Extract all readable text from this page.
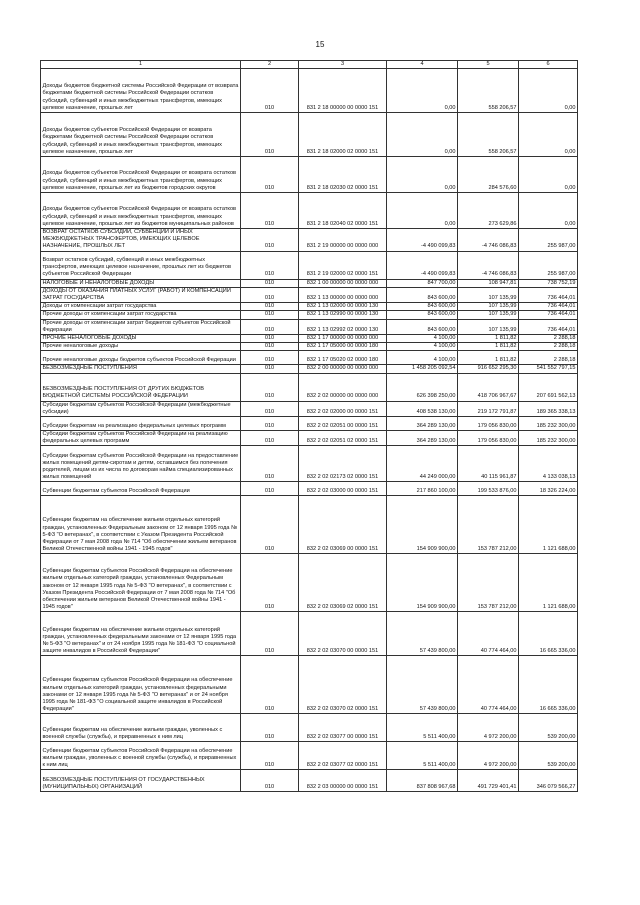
15
1	2	3	4	5	6
Доходы бюджетов бюджетной системы Российской Федерации от возврата бюджетами бюджетной системы Российской Федерации остатков субсидий, субвенций и иных межбюджетных трансфертов, имеющих целевое назначение, прошлых лет	010	831 2 18 00000 00 0000 151	0,00	558 206,57	0,00
Доходы бюджетов субъектов Российской Федерации от возврата бюджетами бюджетной системы Российской Федерации остатков субсидий, субвенций и иных межбюджетных трансфертов, имеющих целевое назначение, прошлых лет	010	831 2 18 02000 02 0000 151	0,00	558 206,57	0,00
Доходы бюджетов субъектов Российской Федерации от возврата остатков субсидий, субвенций и иных межбюджетных трансфертов, имеющих целевое назначение, прошлых лет из бюджетов городских округов	010	831 2 18 02030 02 0000 151	0,00	284 576,60	0,00
Доходы бюджетов субъектов Российской Федерации от возврата остатков субсидий, субвенций и иных межбюджетных трансфертов, имеющих целевое назначение, прошлых лет из бюджетов муниципальных районов	010	831 2 18 02040 02 0000 151	0,00	273 629,86	0,00
ВОЗВРАТ ОСТАТКОВ СУБСИДИЙ, СУБВЕНЦИЙ И ИНЫХ МЕЖБЮДЖЕТНЫХ ТРАНСФЕРТОВ, ИМЕЮЩИХ ЦЕЛЕВОЕ НАЗНАЧЕНИЕ, ПРОШЛЫХ ЛЕТ	010	831 2 19 00000 00 0000 000	-4 490 099,83	-4 746 086,83	255 987,00
Возврат остатков субсидий, субвенций и иных межбюджетных трансфертов, имеющих целевое назначение, прошлых лет из бюджетов субъектов Российской Федерации	010	831 2 19 02000 02 0000 151	-4 490 099,83	-4 746 086,83	255 987,00
НАЛОГОВЫЕ И НЕНАЛОГОВЫЕ ДОХОДЫ	010	832 1 00 00000 00 0000 000	847 700,00	108 947,81	738 752,19
ДОХОДЫ ОТ ОКАЗАНИЯ ПЛАТНЫХ УСЛУГ (РАБОТ) И КОМПЕНСАЦИИ ЗАТРАТ ГОСУДАРСТВА	010	832 1 13 00000 00 0000 000	843 600,00	107 135,99	736 464,01
Доходы от компенсации затрат государства	010	832 1 13 02000 00 0000 130	843 600,00	107 135,99	736 464,01
Прочие доходы от компенсации затрат государства	010	832 1 13 02990 00 0000 130	843 600,00	107 135,99	736 464,01
Прочие доходы от компенсации затрат бюджетов субъектов Российской Федерации	010	832 1 13 02992 02 0000 130	843 600,00	107 135,99	736 464,01
ПРОЧИЕ НЕНАЛОГОВЫЕ ДОХОДЫ	010	832 1 17 00000 00 0000 000	4 100,00	1 811,82	2 288,18
Прочие неналоговые доходы	010	832 1 17 05000 00 0000 180	4 100,00	1 811,82	2 288,18
Прочие неналоговые доходы бюджетов субъектов Российской Федерации	010	832 1 17 05020 02 0000 180	4 100,00	1 811,82	2 288,18
БЕЗВОЗМЕЗДНЫЕ ПОСТУПЛЕНИЯ	010	832 2 00 00000 00 0000 000	1 458 205 092,54	916 652 295,30	541 552 797,15
БЕЗВОЗМЕЗДНЫЕ ПОСТУПЛЕНИЯ ОТ ДРУГИХ БЮДЖЕТОВ БЮДЖЕТНОЙ СИСТЕМЫ РОССИЙСКОЙ ФЕДЕРАЦИИ	010	832 2 02 00000 00 0000 000	626 398 250,00	418 706 967,67	207 691 562,13
Субсидии бюджетам субъектов Российской Федерации (межбюджетные субсидии)	010	832 2 02 02000 00 0000 151	408 538 130,00	219 172 791,87	189 365 338,13
Субсидии бюджетам на реализацию федеральных целевых программ	010	832 2 02 02051 00 0000 151	364 289 130,00	179 056 830,00	185 232 300,00
Субсидии бюджетам субъектов Российской Федерации на реализацию федеральных целевых программ	010	832 2 02 02051 02 0000 151	364 289 130,00	179 056 830,00	185 232 300,00
Субсидии бюджетам субъектов Российской Федерации на предоставление жилых помещений детям-сиротам и детям, оставшимся без попечения родителей, лицам из их числа по договорам найма специализированных жилых помещений	010	832 2 02 02173 02 0000 151	44 249 000,00	40 115 961,87	4 133 038,13
Субвенции бюджетам субъектов Российской Федерации	010	832 2 02 03000 00 0000 151	217 860 100,00	199 533 876,00	18 326 224,00
Субвенции бюджетам на обеспечение жильем отдельных категорий граждан, установленных Федеральным законом от 12 января 1995 года № 5-ФЗ "О ветеранах", в соответствии с Указом Президента Российской Федерации от 7 мая 2008 года № 714 "Об обеспечении жильем ветеранов Великой Отечественной войны 1941 - 1945 годов"	010	832 2 02 03069 00 0000 151	154 909 900,00	153 787 212,00	1 121 688,00
Субвенции бюджетам субъектов Российской Федерации на обеспечение жильем отдельных категорий граждан, установленных Федеральным законом от 12 января 1995 года № 5-ФЗ "О ветеранах", в соответствии с Указом Президента Российской Федерации от 7 мая 2008 года № 714 "Об обеспечении жильем ветеранов Великой Отечественной войны 1941 - 1945 годов"	010	832 2 02 03069 02 0000 151	154 909 900,00	153 787 212,00	1 121 688,00
Субвенции бюджетам на обеспечение жильем отдельных категорий граждан, установленных федеральными законами от 12 января 1995 года № 5-ФЗ "О ветеранах" и от 24 ноября 1995 года № 181-ФЗ "О социальной защите инвалидов в Российской Федерации"	010	832 2 02 03070 00 0000 151	57 439 800,00	40 774 464,00	16 665 336,00
Субвенции бюджетам субъектов Российской Федерации на обеспечение жильем отдельных категорий граждан, установленных федеральными законами от 12 января 1995 года № 5-ФЗ "О ветеранах" и от 24 ноября 1995 года № 181-ФЗ "О социальной защите инвалидов в Российской Федерации"	010	832 2 02 03070 02 0000 151	57 439 800,00	40 774 464,00	16 665 336,00
Субвенции бюджетам на обеспечение жильем граждан, уволенных с военной службы (службы), и приравненных к ним лиц	010	832 2 02 03077 00 0000 151	5 511 400,00	4 972 200,00	539 200,00
Субвенции бюджетам субъектов Российской Федерации на обеспечение жильем граждан, уволенных с военной службы (службы), и приравненных к ним лиц	010	832 2 02 03077 02 0000 151	5 511 400,00	4 972 200,00	539 200,00
БЕЗВОЗМЕЗДНЫЕ ПОСТУПЛЕНИЯ ОТ ГОСУДАРСТВЕННЫХ (МУНИЦИПАЛЬНЫХ) ОРГАНИЗАЦИЙ	010	832 2 03 00000 00 0000 151	837 808 967,68	491 729 401,41	346 079 566,27
